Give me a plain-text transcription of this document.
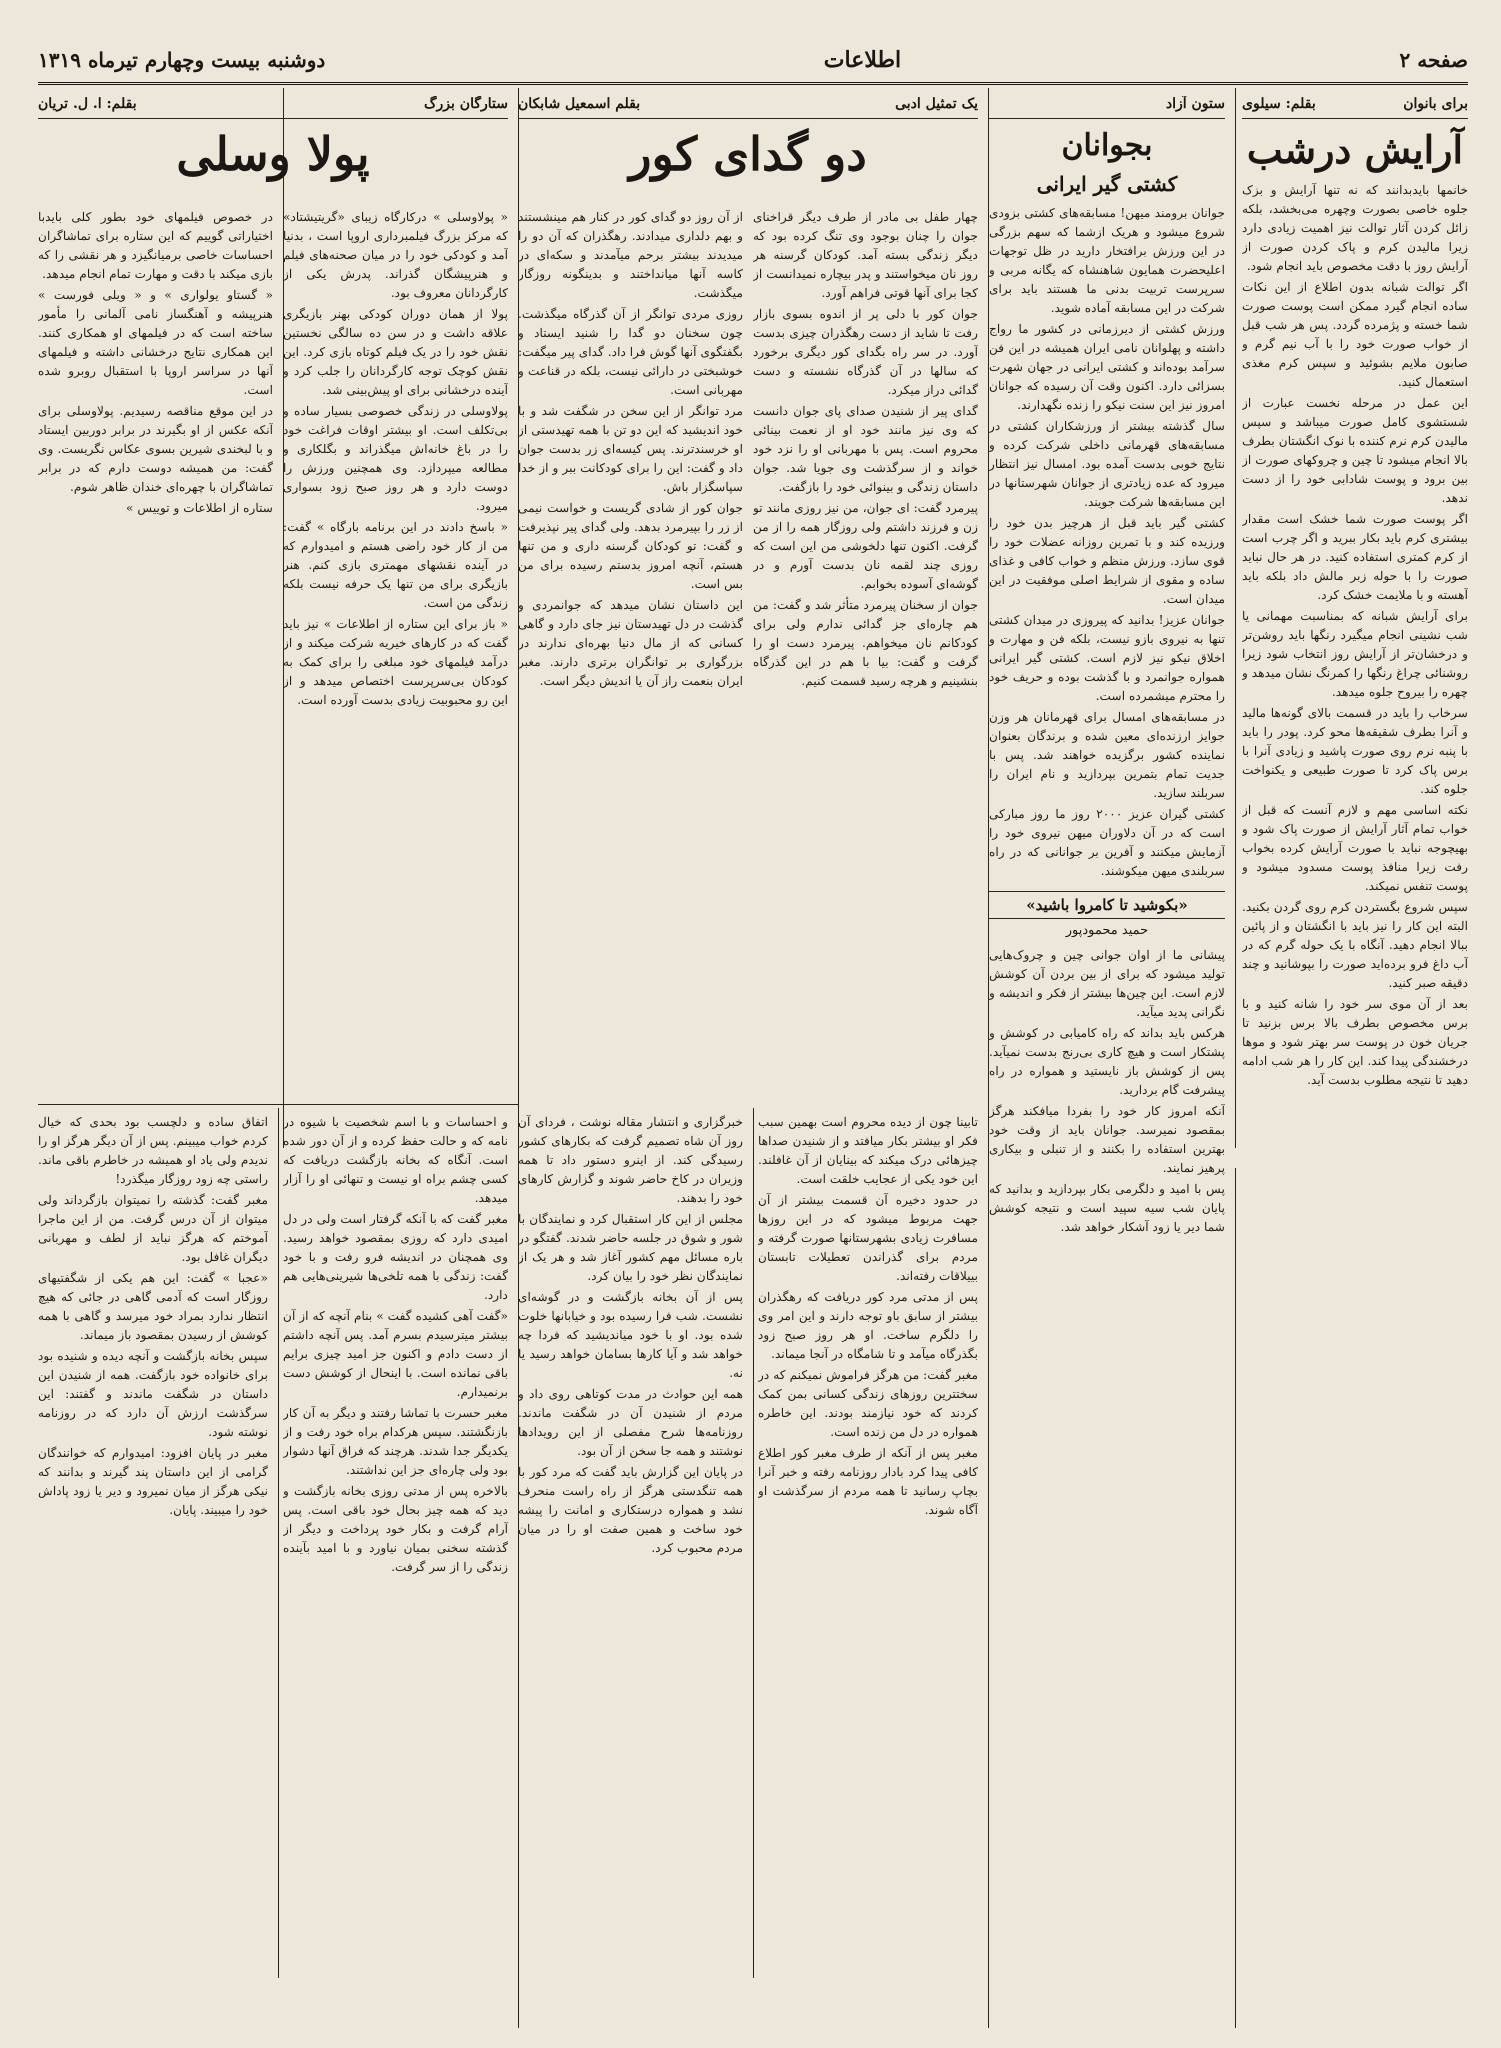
صفحه ۲
اطلاعات
دوشنبه بیست وچهارم تیرماه ۱۳۱۹
برای بانوان
بقلم: سیلوی
آرایش درشب

خانمها بایدبدانند که نه تنها آرایش و بزک جلوه خاصی بصورت وچهره می‌بخشد، بلکه زائل کردن آثار توالت نیز اهمیت زیادی دارد زیرا مالیدن کرم و پاک کردن صورت از آرایش روز با دقت مخصوص باید انجام شود.

اگر توالت شبانه بدون اطلاع از این نکات ساده انجام گیرد ممکن است پوست صورت شما خسته و پژمرده گردد. پس هر شب قبل از خواب صورت خود را با آب نیم گرم و صابون ملایم بشوئید و سپس کرم مغذی استعمال کنید.

این عمل در مرحله نخست عبارت از شستشوی کامل صورت میباشد و سپس مالیدن کرم نرم کننده با نوک انگشتان بطرف بالا انجام میشود تا چین و چروکهای صورت از بین برود و پوست شادابی خود را از دست ندهد.

اگر پوست صورت شما خشک است مقدار بیشتری کرم باید بکار ببرید و اگر چرب است از کرم کمتری استفاده کنید. در هر حال نباید صورت را با حوله زبر مالش داد بلکه باید آهسته و با ملایمت خشک کرد.

برای آرایش شبانه که بمناسبت مهمانی یا شب نشینی انجام میگیرد رنگها باید روشن‌تر و درخشان‌تر از آرایش روز انتخاب شود زیرا روشنائی چراغ رنگها را کمرنگ نشان میدهد و چهره را بیروح جلوه میدهد.

سرخاب را باید در قسمت بالای گونه‌ها مالید و آنرا بطرف شقیقه‌ها محو کرد. پودر را باید با پنبه نرم روی صورت پاشید و زیادی آنرا با برس پاک کرد تا صورت طبیعی و یکنواخت جلوه کند.

نکته اساسی مهم و لازم آنست که قبل از خواب تمام آثار آرایش از صورت پاک شود و بهیچوجه نباید با صورت آرایش کرده بخواب رفت زیرا منافذ پوست مسدود میشود و پوست تنفس نمیکند.

سپس شروع بگستردن کرم روی گردن بکنید. البته این کار را نیز باید با انگشتان و از پائین ببالا انجام دهید. آنگاه با یک حوله گرم که در آب داغ فرو برده‌اید صورت را بپوشانید و چند دقیقه صبر کنید.

بعد از آن موی سر خود را شانه کنید و با برس مخصوص بطرف بالا برس بزنید تا جریان خون در پوست سر بهتر شود و موها درخشندگی پیدا کند. این کار را هر شب ادامه دهید تا نتیجه مطلوب بدست آید.

ستون آزاد
بجوانان
کشتی گیر ایرانی

جوانان برومند میهن! مسابقه‌های کشتی بزودی شروع میشود و هریک ازشما که سهم بزرگی در این ورزش برافتخار دارید در ظل توجهات اعلیحضرت همایون شاهنشاه که یگانه مربی و سرپرست تربیت بدنی ما هستند باید برای شرکت در این مسابقه آماده شوید.

ورزش کشتی از دیرزمانی در کشور ما رواج داشته و پهلوانان نامی ایران همیشه در این فن سرآمد بوده‌اند و کشتی ایرانی در جهان شهرت بسزائی دارد. اکنون وقت آن رسیده که جوانان امروز نیز این سنت نیکو را زنده نگهدارند.

سال گذشته بیشتر از ورزشکاران کشتی در مسابقه‌های قهرمانی داخلی شرکت کرده و نتایج خوبی بدست آمده بود. امسال نیز انتظار میرود که عده زیادتری از جوانان شهرستانها در این مسابقه‌ها شرکت جویند.

کشتی گیر باید قبل از هرچیز بدن خود را ورزیده کند و با تمرین روزانه عضلات خود را قوی سازد. ورزش منظم و خواب کافی و غذای ساده و مقوی از شرایط اصلی موفقیت در این میدان است.

جوانان عزیز! بدانید که پیروزی در میدان کشتی تنها به نیروی بازو نیست، بلکه فن و مهارت و اخلاق نیکو نیز لازم است. کشتی گیر ایرانی همواره جوانمرد و با گذشت بوده و حریف خود را محترم میشمرده است.

در مسابقه‌های امسال برای قهرمانان هر وزن جوایز ارزنده‌ای معین شده و برندگان بعنوان نماینده کشور برگزیده خواهند شد. پس با جدیت تمام بتمرین بپردازید و نام ایران را سربلند سازید.

کشتی گیران عزیز ۲۰۰۰ روز ما روز مبارکی است که در آن دلاوران میهن نیروی خود را آزمایش میکنند و آفرین بر جوانانی که در راه سربلندی میهن میکوشند.

«بکوشید تا کامروا باشید»
حمید محمودپور

پیشانی ما از اوان جوانی چین و چروک‌هایی تولید میشود که برای از بین بردن آن کوشش لازم است. این چین‌ها بیشتر از فکر و اندیشه و نگرانی پدید میآید.

هرکس باید بداند که راه کامیابی در کوشش و پشتکار است و هیچ کاری بی‌رنج بدست نمیآید. پس از کوشش باز نایستید و همواره در راه پیشرفت گام بردارید.

آنکه امروز کار خود را بفردا میافکند هرگز بمقصود نمیرسد. جوانان باید از وقت خود بهترین استفاده را بکنند و از تنبلی و بیکاری پرهیز نمایند.

پس با امید و دلگرمی بکار بپردازید و بدانید که پایان شب سیه سپید است و نتیجه کوشش شما دیر یا زود آشکار خواهد شد.

یک تمثیل ادبی
بقلم اسمعیل شابکان
دو گدای کور

چهار طفل بی مادر از طرف دیگر قراخنای جوان را چنان بوجود وی تنگ کرده بود که دیگر زندگی بسته آمد. کودکان گرسنه هر روز نان میخواستند و پدر بیچاره نمیدانست از کجا برای آنها قوتی فراهم آورد.

جوان کور با دلی پر از اندوه بسوی بازار رفت تا شاید از دست رهگذران چیزی بدست آورد. در سر راه بگدای کور دیگری برخورد که سالها در آن گذرگاه نشسته و دست گدائی دراز میکرد.

گدای پیر از شنیدن صدای پای جوان دانست که وی نیز مانند خود او از نعمت بینائی محروم است. پس با مهربانی او را نزد خود خواند و از سرگذشت وی جویا شد. جوان داستان زندگی و بینوائی خود را بازگفت.

پیرمرد گفت: ای جوان، من نیز روزی مانند تو زن و فرزند داشتم ولی روزگار همه را از من گرفت. اکنون تنها دلخوشی من این است که روزی چند لقمه نان بدست آورم و در گوشه‌ای آسوده بخوابم.

جوان از سخنان پیرمرد متأثر شد و گفت: من هم چاره‌ای جز گدائی ندارم ولی برای کودکانم نان میخواهم. پیرمرد دست او را گرفت و گفت: بیا با هم در این گذرگاه بنشینیم و هرچه رسید قسمت کنیم.

از آن روز دو گدای کور در کنار هم مینشستند و بهم دلداری میدادند. رهگذران که آن دو را میدیدند بیشتر برحم میآمدند و سکه‌ای در کاسه آنها میانداختند و بدینگونه روزگار میگذشت.

روزی مردی توانگر از آن گذرگاه میگذشت. چون سخنان دو گدا را شنید ایستاد و بگفتگوی آنها گوش فرا داد. گدای پیر میگفت: خوشبختی در دارائی نیست، بلکه در قناعت و مهربانی است.

مرد توانگر از این سخن در شگفت شد و با خود اندیشید که این دو تن با همه تهیدستی از او خرسندترند. پس کیسه‌ای زر بدست جوان داد و گفت: این را برای کودکانت ببر و از خدا سپاسگزار باش.

جوان کور از شادی گریست و خواست نیمی از زر را بپیرمرد بدهد. ولی گدای پیر نپذیرفت و گفت: تو کودکان گرسنه داری و من تنها هستم، آنچه امروز بدستم رسیده برای من بس است.

این داستان نشان میدهد که جوانمردی و گذشت در دل تهیدستان نیز جای دارد و گاهی کسانی که از مال دنیا بهره‌ای ندارند در بزرگواری بر توانگران برتری دارند. مغبر ایران بنعمت راز آن یا اندیش دیگر است.

ستارگان بزرگ
بقلم: ا. ل. تریان
پولا وسلی

« پولاوسلی » درکارگاه زیبای «گریتیشتاد» که مرکز بزرگ فیلمبرداری اروپا است ، بدنیا آمد و کودکی خود را در میان صحنه‌های فیلم و هنرپیشگان گذراند. پدرش یکی از کارگردانان معروف بود.

پولا از همان دوران کودکی بهنر بازیگری علاقه داشت و در سن ده سالگی نخستین نقش خود را در یک فیلم کوتاه بازی کرد. این نقش کوچک توجه کارگردانان را جلب کرد و آینده درخشانی برای او پیش‌بینی شد.

پولاوسلی در زندگی خصوصی بسیار ساده و بی‌تکلف است. او بیشتر اوقات فراغت خود را در باغ خانه‌اش میگذراند و بگلکاری و مطالعه میپردازد. وی همچنین ورزش را دوست دارد و هر روز صبح زود بسواری میرود.

« باسخ دادند در این برنامه بارگاه » گفت: من از کار خود راضی هستم و امیدوارم که در آینده نقشهای مهمتری بازی کنم. هنر بازیگری برای من تنها یک حرفه نیست بلکه زندگی من است.

« باز برای این ستاره از اطلاعات » نیز باید گفت که در کارهای خیریه شرکت میکند و از درآمد فیلمهای خود مبلغی را برای کمک به کودکان بی‌سرپرست اختصاص میدهد و از این رو محبوبیت زیادی بدست آورده است.

در خصوص فیلمهای خود بطور کلی بایدبا اختیاراتی گوییم که این ستاره برای تماشاگران احساسات خاصی برمیانگیزد و هر نقشی را که بازی میکند با دقت و مهارت تمام انجام میدهد.

« گستاو یولواری » و « ویلی فورست » هنرپیشه و آهنگساز نامی آلمانی را مأمور ساخته است که در فیلمهای او همکاری کنند. این همکاری نتایج درخشانی داشته و فیلمهای آنها در سراسر اروپا با استقبال روبرو شده است.

در این موقع مناقصه رسیدیم. پولاوسلی برای آنکه عکس از او بگیرند در برابر دوربین ایستاد و با لبخندی شیرین بسوی عکاس نگریست. وی گفت: من همیشه دوست دارم که در برابر تماشاگران با چهره‌ای خندان ظاهر شوم.

ستاره از اطلاعات و توییس »

تابینا چون از دیده محروم است بهمین سبب فکر او بیشتر بکار میافتد و از شنیدن صداها چیزهائی درک میکند که بینایان از آن غافلند. این خود یکی از عجایب خلقت است.

در حدود دخیره آن قسمت بیشتر از آن جهت مربوط میشود که در این روزها مسافرت زیادی بشهرستانها صورت گرفته و مردم برای گذراندن تعطیلات تابستان بییلاقات رفته‌اند.

پس از مدتی مرد کور دریافت که رهگذران بیشتر از سابق باو توجه دارند و این امر وی را دلگرم ساخت. او هر روز صبح زود بگذرگاه میآمد و تا شامگاه در آنجا میماند.

مغبر گفت: من هرگز فراموش نمیکنم که در سختترین روزهای زندگی کسانی بمن کمک کردند که خود نیازمند بودند. این خاطره همواره در دل من زنده است.

مغبر پس از آنکه از طرف مغبر کور اطلاع کافی پیدا کرد بادار روزنامه رفته و خبر آنرا بچاپ رسانید تا همه مردم از سرگذشت او آگاه شوند.

خبرگزاری و انتشار مقاله نوشت ، فردای آن روز آن شاه تصمیم گرفت که بکارهای کشور رسیدگی کند. از اینرو دستور داد تا همه وزیران در کاخ حاضر شوند و گزارش کارهای خود را بدهند.

مجلس از این کار استقبال کرد و نمایندگان با شور و شوق در جلسه حاضر شدند. گفتگو در باره مسائل مهم کشور آغاز شد و هر یک از نمایندگان نظر خود را بیان کرد.

پس از آن بخانه بازگشت و در گوشه‌ای نشست. شب فرا رسیده بود و خیابانها خلوت شده بود. او با خود میاندیشید که فردا چه خواهد شد و آیا کارها بسامان خواهد رسید یا نه.

همه این حوادث در مدت کوتاهی روی داد و مردم از شنیدن آن در شگفت ماندند. روزنامه‌ها شرح مفصلی از این رویدادها نوشتند و همه جا سخن از آن بود.

در پایان این گزارش باید گفت که مرد کور با همه تنگدستی هرگز از راه راست منحرف نشد و همواره درستکاری و امانت را پیشه خود ساخت و همین صفت او را در میان مردم محبوب کرد.

و احساسات و با اسم شخصیت با شیوه در نامه که و حالت حفظ کرده و از آن دور شده است. آنگاه که بخانه بازگشت دریافت که کسی چشم براه او نیست و تنهائی او را آزار میدهد.

مغبر گفت که با آنکه گرفتار است ولی در دل امیدی دارد که روزی بمقصود خواهد رسید. وی همچنان در اندیشه فرو رفت و با خود گفت: زندگی با همه تلخی‌ها شیرینی‌هایی هم دارد.

«گفت آهی کشیده گفت » بنام آنچه که از آن بیشتر میترسیدم بسرم آمد. پس آنچه داشتم از دست دادم و اکنون جز امید چیزی برایم باقی نمانده است. با اینحال از کوشش دست برنمیدارم.

مغبر حسرت با تماشا رفتند و دیگر به آن کار بازنگشتند. سپس هرکدام براه خود رفت و از یکدیگر جدا شدند. هرچند که فراق آنها دشوار بود ولی چاره‌ای جز این نداشتند.

بالاخره پس از مدتی روزی بخانه بازگشت و دید که همه چیز بحال خود باقی است. پس آرام گرفت و بکار خود پرداخت و دیگر از گذشته سخنی بمیان نیاورد و با امید بآینده زندگی را از سر گرفت.

اتفاق ساده و دلچسب بود بحدی که خیال کردم خواب میبینم. پس از آن دیگر هرگز او را ندیدم ولی یاد او همیشه در خاطرم باقی ماند. راستی چه زود روزگار میگذرد!

مغبر گفت: گذشته را نمیتوان بازگرداند ولی میتوان از آن درس گرفت. من از این ماجرا آموختم که هرگز نباید از لطف و مهربانی دیگران غافل بود.

«عجبا » گفت: این هم یکی از شگفتیهای روزگار است که آدمی گاهی در جائی که هیچ انتظار ندارد بمراد خود میرسد و گاهی با همه کوشش از رسیدن بمقصود باز میماند.

سپس بخانه بازگشت و آنچه دیده و شنیده بود برای خانواده خود بازگفت. همه از شنیدن این داستان در شگفت ماندند و گفتند: این سرگذشت ارزش آن دارد که در روزنامه نوشته شود.

مغبر در پایان افزود: امیدوارم که خوانندگان گرامی از این داستان پند گیرند و بدانند که نیکی هرگز از میان نمیرود و دیر یا زود پاداش خود را میبیند. پایان.
